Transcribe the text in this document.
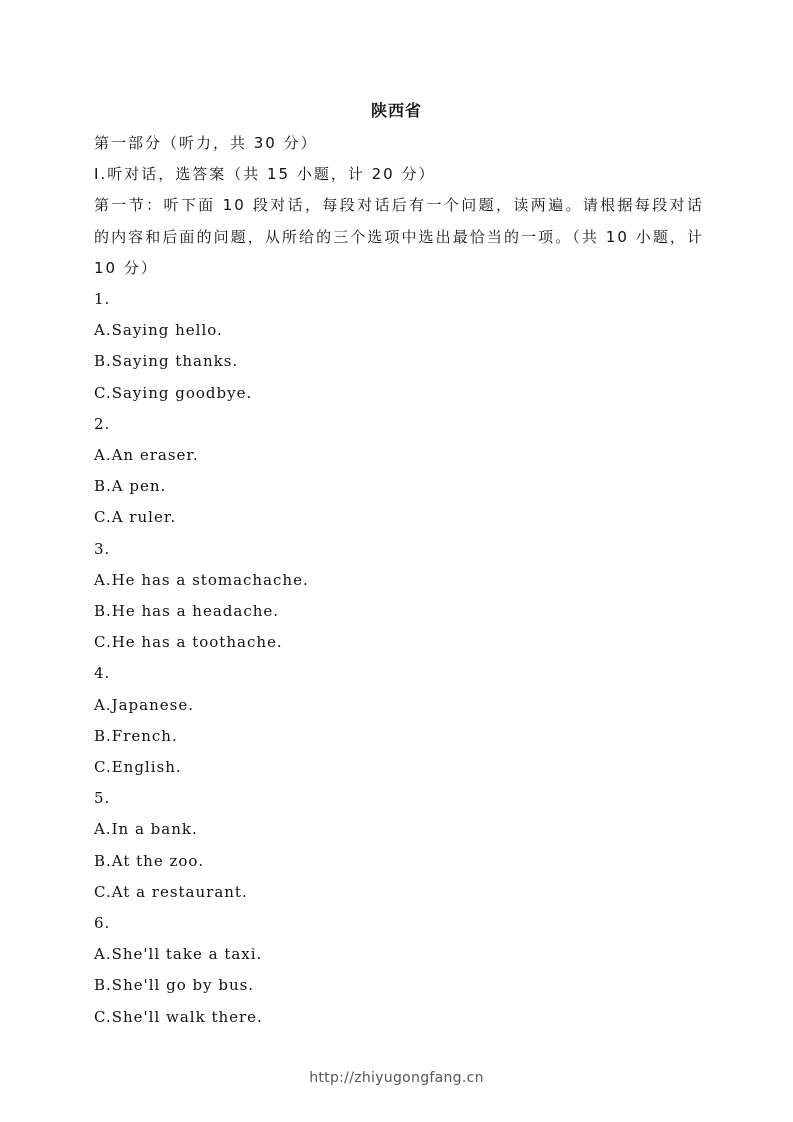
陕西省

第一部分（听力，共 30 分）

I.听对话，选答案（共 15 小题，计 20 分）

第一节：听下面 10 段对话，每段对话后有一个问题，读两遍。请根据每段对话的内容和后面的问题，从所给的三个选项中选出最恰当的一项。（共 10 小题，计 10 分）

1.

A.Saying hello.

B.Saying thanks.

C.Saying goodbye.

2.

A.An eraser.

B.A pen.

C.A ruler.

3.

A.He has a stomachache.

B.He has a headache.

C.He has a toothache.

4.

A.Japanese.

B.French.

C.English.

5.

A.In a bank.

B.At the zoo.

C.At a restaurant.

6.

A.She'll take a taxi.

B.She'll go by bus.

C.She'll walk there.

http://zhiyugongfang.cn
